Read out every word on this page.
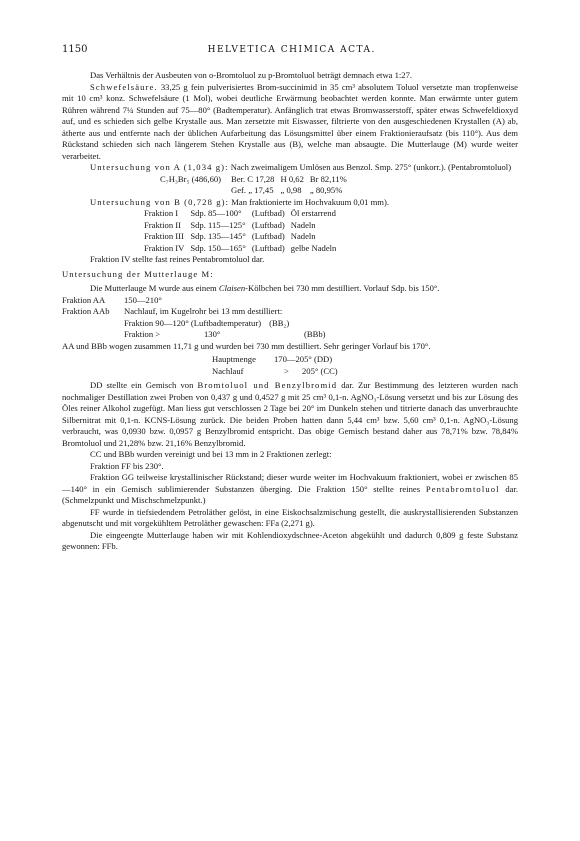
1150	HELVETICA CHIMICA ACTA.

Das Verhältnis der Ausbeuten von o-Bromtoluol zu p-Bromtoluol beträgt demnach etwa 1:27.

Schwefelsäure. 33,25 g fein pulverisiertes Brom-succinimid in 35 cm³ absolutem Toluol versetzte man tropfenweise mit 10 cm³ konz. Schwefelsäure (1 Mol), wobei deutliche Erwärmung beobachtet werden konnte. Man erwärmte unter gutem Rühren während 7¼ Stunden auf 75—80° (Badtemperatur). Anfänglich trat etwas Bromwasserstoff, später etwas Schwefeldioxyd auf, und es schieden sich gelbe Krystalle aus. Man zersetzte mit Eiswasser, filtrierte von den ausgeschiedenen Krystallen (A) ab, ätherte aus und entfernte nach der üblichen Aufarbeitung das Lösungsmittel über einem Fraktionieraufsatz (bis 110°). Aus dem Rückstand schieden sich nach längerem Stehen Krystalle aus (B), welche man absaugte. Die Mutterlauge (M) wurde weiter verarbeitet.

Untersuchung von A (1,034 g): Nach zweimaligem Umlösen aus Benzol. Smp. 275° (unkorr.). (Pentabromtoluol)

C₇H₃Br₅ (486,60)	Ber. C 17,28	H 0,62	Br 82,11%
	Gef. „ 17,45	„ 0,98	„ 80,95%

Untersuchung von B (0,728 g): Man fraktionierte im Hochvakuum 0,01 mm).

Fraktion I	Sdp. 85—100°	(Luftbad)	Öl erstarrend
Fraktion II	Sdp. 115—125°	(Luftbad)	Nadeln
Fraktion III	Sdp. 135—145°	(Luftbad)	Nadeln
Fraktion IV	Sdp. 150—165°	(Luftbad)	gelbe Nadeln

Fraktion IV stellte fast reines Pentabromtoluol dar.

Untersuchung der Mutterlauge M:

Die Mutterlauge M wurde aus einem Claisen-Kölbchen bei 730 mm destilliert. Vorlauf Sdp. bis 150°.

Fraktion AA	150—210°
Fraktion AAb	Nachlauf, im Kugelrohr bei 13 mm destilliert:
Fraktion 90—120° (Luftbadtemperatur) (BB₂)
Fraktion >	130°	(BBb)

AA und BBb wogen zusammen 11,71 g und wurden bei 730 mm destilliert. Sehr geringer Vorlauf bis 170°.

Hauptmenge	170—205° (DD)
Nachlauf	>	205° (CC)

DD stellte ein Gemisch von Bromtoluol und Benzylbromid dar. Zur Bestimmung des letzteren wurden nach nochmaliger Destillation zwei Proben von 0,437 g und 0,4527 g mit 25 cm³ 0,1-n. AgNO₃-Lösung versetzt und bis zur Lösung des Öles reiner Alkohol zugefügt. Man liess gut verschlossen 2 Tage bei 20° im Dunkeln stehen und titrierte danach das unverbrauchte Silbernitrat mit 0,1-n. KCNS-Lösung zurück. Die beiden Proben hatten dann 5,44 cm³ bzw. 5,60 cm³ 0,1-n. AgNO₃-Lösung verbraucht, was 0,0930 bzw. 0,0957 g Benzylbromid entspricht. Das obige Gemisch bestand daher aus 78,71% bzw. 78,84% Bromtoluol und 21,28% bzw. 21,16% Benzylbromid.

CC und BBb wurden vereinigt und bei 13 mm in 2 Fraktionen zerlegt:

Fraktion FF bis 230°.

Fraktion GG teilweise krystallinischer Rückstand; dieser wurde weiter im Hochvakuum fraktioniert, wobei er zwischen 85—140° in ein Gemisch sublimierender Substanzen überging. Die Fraktion 150° stellte reines Pentabromtoluol dar. (Schmelzpunkt und Mischschmelzpunkt.)

FF wurde in tiefsiedendem Petroläther gelöst, in eine Eiskochsalzmischung gestellt, die auskrystallisierenden Substanzen abgenutscht und mit vorgekühltem Petroläther gewaschen: FFa (2,271 g).

Die eingeengte Mutterlauge haben wir mit Kohlendioxydschnee-Aceton abgekühlt und dadurch 0,809 g feste Substanz gewonnen: FFb.
